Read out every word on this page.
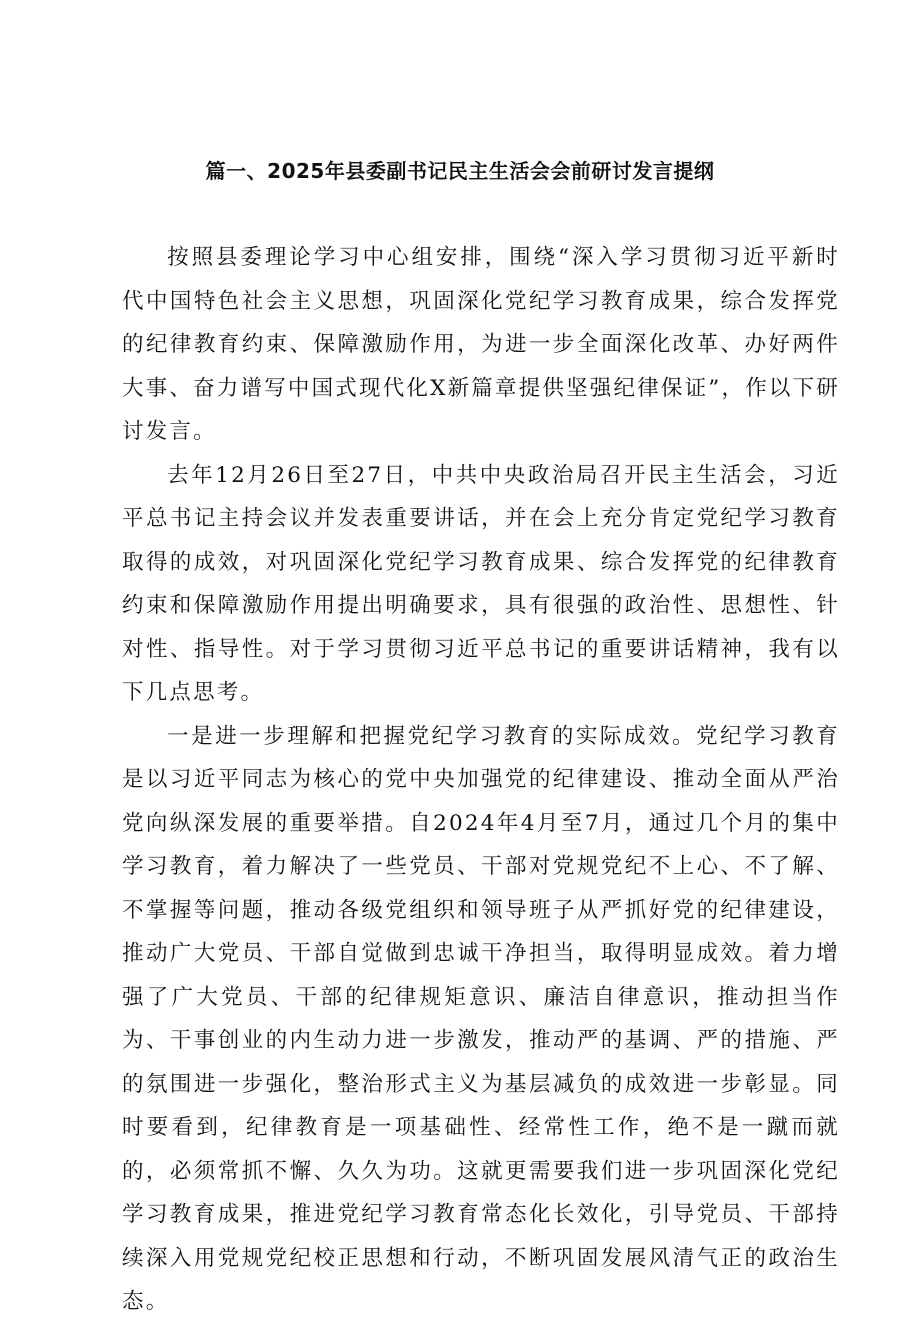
篇一、2025年县委副书记民主生活会会前研讨发言提纲

按照县委理论学习中心组安排，围绕“深入学习贯彻习近平新时代中国特色社会主义思想，巩固深化党纪学习教育成果，综合发挥党的纪律教育约束、保障激励作用，为进一步全面深化改革、办好两件大事、奋力谱写中国式现代化X新篇章提供坚强纪律保证”，作以下研讨发言。

去年12月26日至27日，中共中央政治局召开民主生活会，习近平总书记主持会议并发表重要讲话，并在会上充分肯定党纪学习教育取得的成效，对巩固深化党纪学习教育成果、综合发挥党的纪律教育约束和保障激励作用提出明确要求，具有很强的政治性、思想性、针对性、指导性。对于学习贯彻习近平总书记的重要讲话精神，我有以下几点思考。

一是进一步理解和把握党纪学习教育的实际成效。党纪学习教育是以习近平同志为核心的党中央加强党的纪律建设、推动全面从严治党向纵深发展的重要举措。自2024年4月至7月，通过几个月的集中学习教育，着力解决了一些党员、干部对党规党纪不上心、不了解、不掌握等问题，推动各级党组织和领导班子从严抓好党的纪律建设，推动广大党员、干部自觉做到忠诚干净担当，取得明显成效。着力增强了广大党员、干部的纪律规矩意识、廉洁自律意识，推动担当作为、干事创业的内生动力进一步激发，推动严的基调、严的措施、严的氛围进一步强化，整治形式主义为基层减负的成效进一步彰显。同时要看到，纪律教育是一项基础性、经常性工作，绝不是一蹴而就的，必须常抓不懈、久久为功。这就更需要我们进一步巩固深化党纪学习教育成果，推进党纪学习教育常态化长效化，引导党员、干部持续深入用党规党纪校正思想和行动，不断巩固发展风清气正的政治生态。
